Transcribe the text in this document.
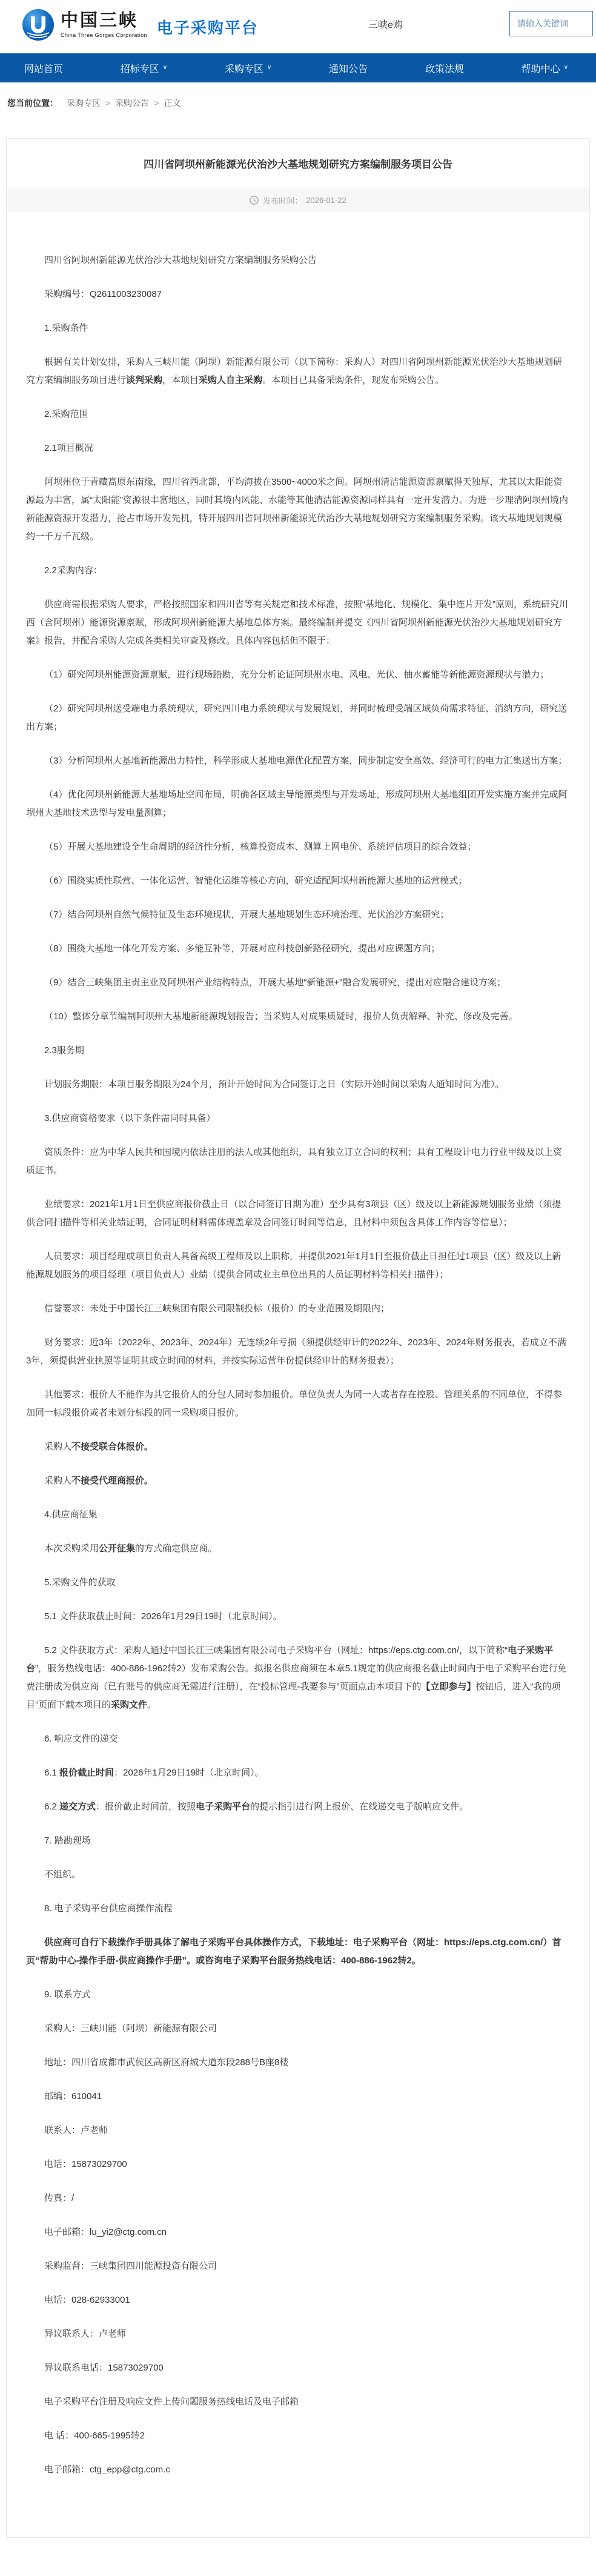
中国三峡
China Three Gorges Corporation 电子采购平台	三峡e购
请输入关键词
网站首页	招标专区 ∨	采购专区 ∨	通知公告	政策法规	帮助中心 ∨
您当前位置： 采购专区 > 采购公告 > 正文
四川省阿坝州新能源光伏治沙大基地规划研究方案编制服务项目公告
发布时间： 2026-01-22

四川省阿坝州新能源光伏治沙大基地规划研究方案编制服务采购公告

采购编号：Q2611003230087

1.采购条件

根据有关计划安排，采购人三峡川能（阿坝）新能源有限公司（以下简称：采购人）对四川省阿坝州新能源光伏治沙大基地规划研究方案编制服务项目进行谈判采购，本项目采购人自主采购。本项目已具备采购条件，现发布采购公告。

2.采购范围

2.1项目概况

阿坝州位于青藏高原东南缘，四川省西北部，平均海拔在3500~4000米之间。阿坝州清洁能源资源禀赋得天独厚，尤其以太阳能资源最为丰富，属“太阳能”资源很丰富地区，同时其境内风能、水能等其他清洁能源资源同样具有一定开发潜力。为进一步理清阿坝州境内新能源资源开发潜力，抢占市场开发先机，特开展四川省阿坝州新能源光伏治沙大基地规划研究方案编制服务采购。该大基地规划规模约一千万千瓦级。

2.2采购内容：

供应商需根据采购人要求，严格按照国家和四川省等有关规定和技术标准，按照“基地化、规模化、集中连片开发”原则，系统研究川西（含阿坝州）能源资源禀赋，形成阿坝州新能源大基地总体方案。最终编制并提交《四川省阿坝州新能源光伏治沙大基地规划研究方案》报告，并配合采购人完成各类相关审查及修改。具体内容包括但不限于：

（1）研究阿坝州能源资源禀赋，进行现场踏勘，充分分析论证阿坝州水电、风电、光伏、抽水蓄能等新能源资源现状与潜力；

（2）研究阿坝州送受端电力系统现状，研究四川电力系统现状与发展规划，并同时梳理受端区域负荷需求特征、消纳方向，研究送出方案；

（3）分析阿坝州大基地新能源出力特性，科学形成大基地电源优化配置方案，同步制定安全高效、经济可行的电力汇集送出方案；

（4）优化阿坝州新能源大基地场址空间布局，明确各区域主导能源类型与开发场址，形成阿坝州大基地组团开发实施方案并完成阿坝州大基地技术选型与发电量测算；

（5）开展大基地建设全生命周期的经济性分析，核算投资成本、测算上网电价、系统评估项目的综合效益；

（6）围绕实质性联营、一体化运营、智能化运维等核心方向，研究适配阿坝州新能源大基地的运营模式；

（7）结合阿坝州自然气候特征及生态环境现状，开展大基地规划生态环境治理、光伏治沙方案研究；

（8）围绕大基地一体化开发方案、多能互补等，开展对应科技创新路径研究，提出对应课题方向；

（9）结合三峡集团主责主业及阿坝州产业结构特点，开展大基地“新能源+”融合发展研究，提出对应融合建设方案；

（10）整体分章节编制阿坝州大基地新能源规划报告；当采购人对成果质疑时，报价人负责解释、补充、修改及完善。

2.3服务期

计划服务期限：本项目服务期限为24个月，预计开始时间为合同签订之日（实际开始时间以采购人通知时间为准）。

3.供应商资格要求（以下条件需同时具备）

资质条件：应为中华人民共和国境内依法注册的法人或其他组织，具有独立订立合同的权利；具有工程设计电力行业甲级及以上资质证书。

业绩要求：2021年1月1日至供应商报价截止日（以合同签订日期为准）至少具有3项县（区）级及以上新能源规划服务业绩（须提供合同扫描件等相关业绩证明，合同证明材料需体现盖章及合同签订时间等信息，且材料中须包含具体工作内容等信息）；

人员要求：项目经理或项目负责人具备高级工程师及以上职称，并提供2021年1月1日至报价截止日担任过1项县（区）级及以上新能源规划服务的项目经理（项目负责人）业绩（提供合同或业主单位出具的人员证明材料等相关扫描件）；

信誉要求：未处于中国长江三峡集团有限公司限制投标（报价）的专业范围及期限内；

财务要求：近3年（2022年、2023年、2024年）无连续2年亏损（须提供经审计的2022年、2023年、2024年财务报表，若成立不满3年，须提供营业执照等证明其成立时间的材料，并按实际运营年份提供经审计的财务报表）；

其他要求：报价人不能作为其它报价人的分包人同时参加报价。单位负责人为同一人或者存在控股、管理关系的不同单位，不得参加同一标段报价或者未划分标段的同一采购项目报价。

采购人不接受联合体报价。

采购人不接受代理商报价。

4.供应商征集

本次采购采用公开征集的方式确定供应商。

5.采购文件的获取

5.1 文件获取截止时间：2026年1月29日19时（北京时间）。

5.2 文件获取方式：采购人通过中国长江三峡集团有限公司电子采购平台（网址：https://eps.ctg.com.cn/，以下简称“电子采购平台”，服务热线电话：400-886-1962转2）发布采购公告。拟报名供应商须在本章5.1规定的供应商报名截止时间内于电子采购平台进行免费注册成为供应商（已有账号的供应商无需进行注册），在“投标管理-我要参与”页面点击本项目下的【立即参与】按钮后，进入“我的项目”页面下载本项目的采购文件。

6. 响应文件的递交

6.1 报价截止时间：2026年1月29日19时（北京时间）。

6.2 递交方式：报价截止时间前，按照电子采购平台的提示指引进行网上报价、在线递交电子版响应文件。

7. 踏勘现场

不组织。

8. 电子采购平台供应商操作流程

供应商可自行下载操作手册具体了解电子采购平台具体操作方式，下载地址：电子采购平台（网址：https://eps.ctg.com.cn/）首页“帮助中心-操作手册-供应商操作手册”。或咨询电子采购平台服务热线电话：400-886-1962转2。

9. 联系方式

采购人：三峡川能（阿坝）新能源有限公司

地址：四川省成都市武侯区高新区府城大道东段288号B座8楼

邮编：610041

联系人：卢老师

电话：15873029700

传真：/

电子邮箱：lu_yi2@ctg.com.cn

采购监督：三峡集团四川能源投资有限公司

电话：028-62933001

异议联系人：卢老师

异议联系电话：15873029700

电子采购平台注册及响应文件上传问题服务热线电话及电子邮箱

电 话：400-665-1995转2

电子邮箱：ctg_epp@ctg.com.c
